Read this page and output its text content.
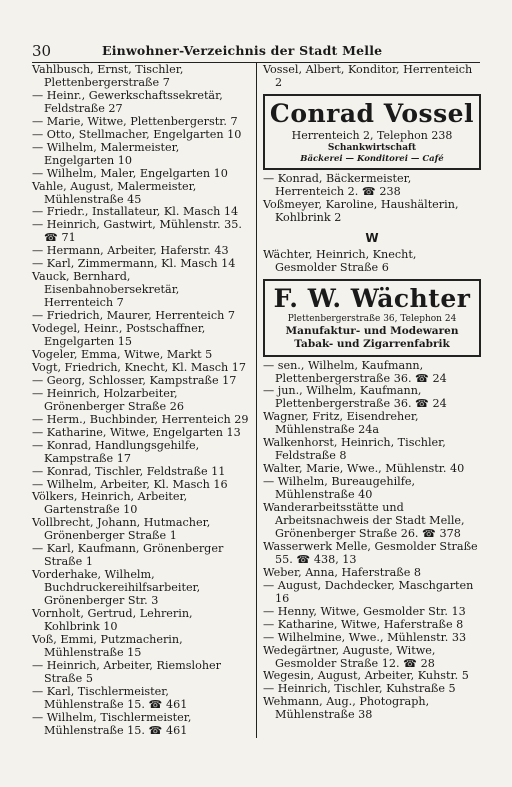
30	Einwohner-Verzeichnis der Stadt Melle
Vahlbusch, Ernst, Tischler, Plettenbergerstraße 7
— Heinr., Gewerkschaftssekretär, Feldstraße 27
— Marie, Witwe, Plettenbergerstr. 7
— Otto, Stellmacher, Engelgarten 10
— Wilhelm, Malermeister, Engelgarten 10
— Wilhelm, Maler, Engelgarten 10
Vahle, August, Malermeister, Mühlenstraße 45
— Friedr., Installateur, Kl. Masch 14
— Heinrich, Gastwirt, Mühlenstr. 35. ☎ 71
— Hermann, Arbeiter, Haferstr. 43
— Karl, Zimmermann, Kl. Masch 14
Vauck, Bernhard, Eisenbahnobersekretär, Herrenteich 7
— Friedrich, Maurer, Herrenteich 7
Vodegel, Heinr., Postschaffner, Engelgarten 15
Vogeler, Emma, Witwe, Markt 5
Vogt, Friedrich, Knecht, Kl. Masch 17
— Georg, Schlosser, Kampstraße 17
— Heinrich, Holzarbeiter, Grönenberger Straße 26
— Herm., Buchbinder, Herrenteich 29
— Katharine, Witwe, Engelgarten 13
— Konrad, Handlungsgehilfe, Kampstraße 17
— Konrad, Tischler, Feldstraße 11
— Wilhelm, Arbeiter, Kl. Masch 16
Völkers, Heinrich, Arbeiter, Gartenstraße 10
Vollbrecht, Johann, Hutmacher, Grönenberger Straße 1
— Karl, Kaufmann, Grönenberger Straße 1
Vorderhake, Wilhelm, Buchdruckereihilfsarbeiter, Grönenberger Str. 3
Vornholt, Gertrud, Lehrerin, Kohlbrink 10
Voß, Emmi, Putzmacherin, Mühlenstraße 15
— Heinrich, Arbeiter, Riemsloher Straße 5
— Karl, Tischlermeister, Mühlenstraße 15. ☎ 461
— Wilhelm, Tischlermeister, Mühlenstraße 15. ☎ 461
Vossel, Albert, Konditor, Herrenteich 2
Conrad Vossel
Herrenteich 2, Telephon 238
Schankwirtschaft
Bäckerei — Konditorei — Café
— Konrad, Bäckermeister, Herrenteich 2. ☎ 238
Voßmeyer, Karoline, Haushälterin, Kohlbrink 2
W
Wächter, Heinrich, Knecht, Gesmolder Straße 6
F. W. Wächter
Plettenbergerstraße 36, Telephon 24
Manufaktur- und Modewaren
Tabak- und Zigarrenfabrik
— sen., Wilhelm, Kaufmann, Plettenbergerstraße 36. ☎ 24
— jun., Wilhelm, Kaufmann, Plettenbergerstraße 36. ☎ 24
Wagner, Fritz, Eisendreher, Mühlenstraße 24a
Walkenhorst, Heinrich, Tischler, Feldstraße 8
Walter, Marie, Wwe., Mühlenstr. 40
— Wilhelm, Bureaugehilfe, Mühlenstraße 40
Wanderarbeitsstätte und Arbeitsnachweis der Stadt Melle, Grönenberger Straße 26. ☎ 378
Wasserwerk Melle, Gesmolder Straße 55. ☎ 438, 13
Weber, Anna, Haferstraße 8
— August, Dachdecker, Maschgarten 16
— Henny, Witwe, Gesmolder Str. 13
— Katharine, Witwe, Haferstraße 8
— Wilhelmine, Wwe., Mühlenstr. 33
Wedegärtner, Auguste, Witwe, Gesmolder Straße 12. ☎ 28
Wegesin, August, Arbeiter, Kuhstr. 5
— Heinrich, Tischler, Kuhstraße 5
Wehmann, Aug., Photograph, Mühlenstraße 38
